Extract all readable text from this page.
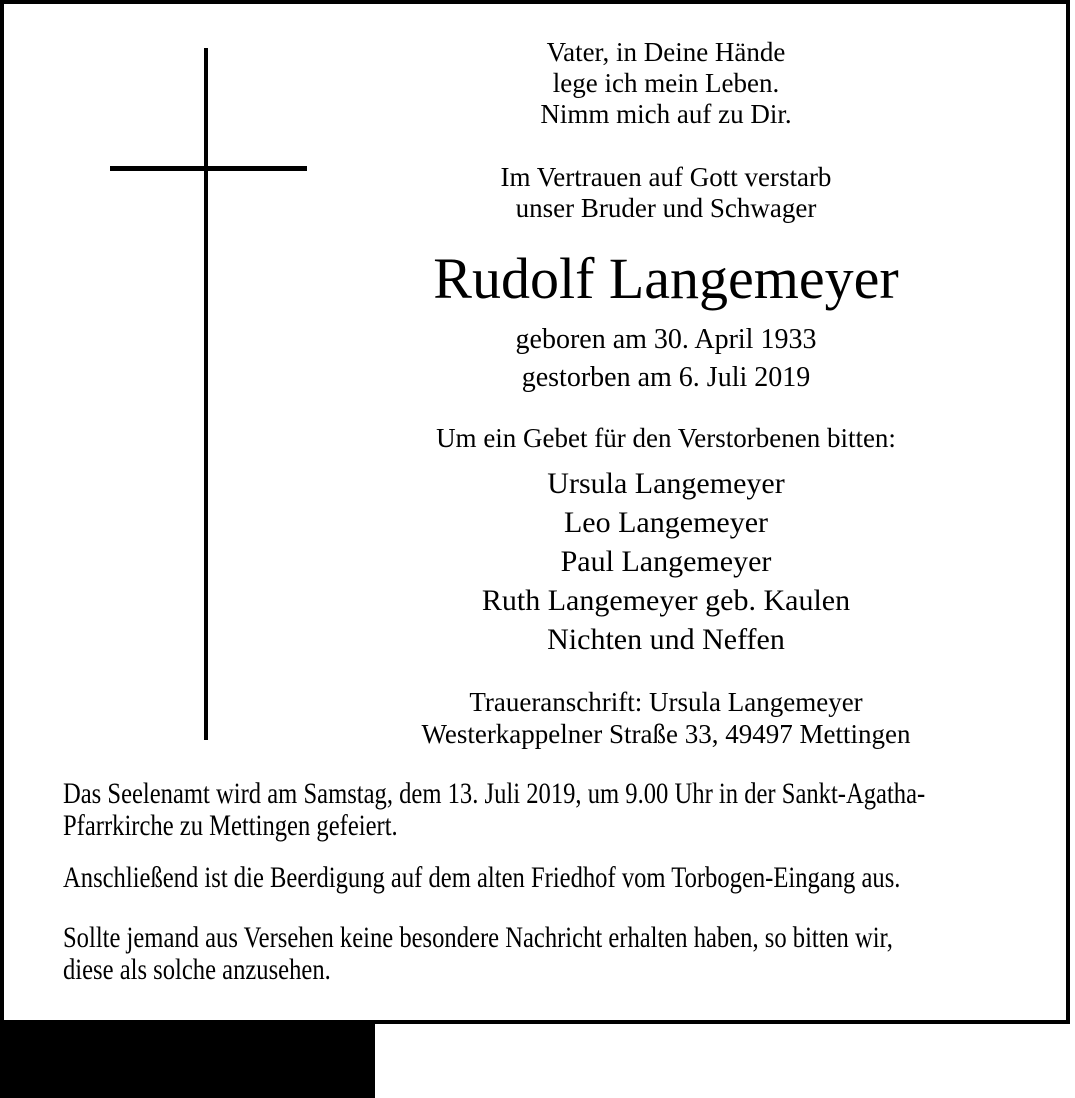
Vater, in Deine Hände
lege ich mein Leben.
Nimm mich auf zu Dir.
Im Vertrauen auf Gott verstarb
unser Bruder und Schwager
Rudolf Langemeyer
geboren am 30. April 1933
gestorben am 6. Juli 2019
Um ein Gebet für den Verstorbenen bitten:
Ursula Langemeyer
Leo Langemeyer
Paul Langemeyer
Ruth Langemeyer geb. Kaulen
Nichten und Neffen
Traueranschrift: Ursula Langemeyer
Westerkappelner Straße 33, 49497 Mettingen

Das Seelenamt wird am Samstag, dem 13. Juli 2019, um 9.00 Uhr in der Sankt-Agatha-
Pfarrkirche zu Mettingen gefeiert.

Anschließend ist die Beerdigung auf dem alten Friedhof vom Torbogen-Eingang aus.

Sollte jemand aus Versehen keine besondere Nachricht erhalten haben, so bitten wir,
diese als solche anzusehen.
